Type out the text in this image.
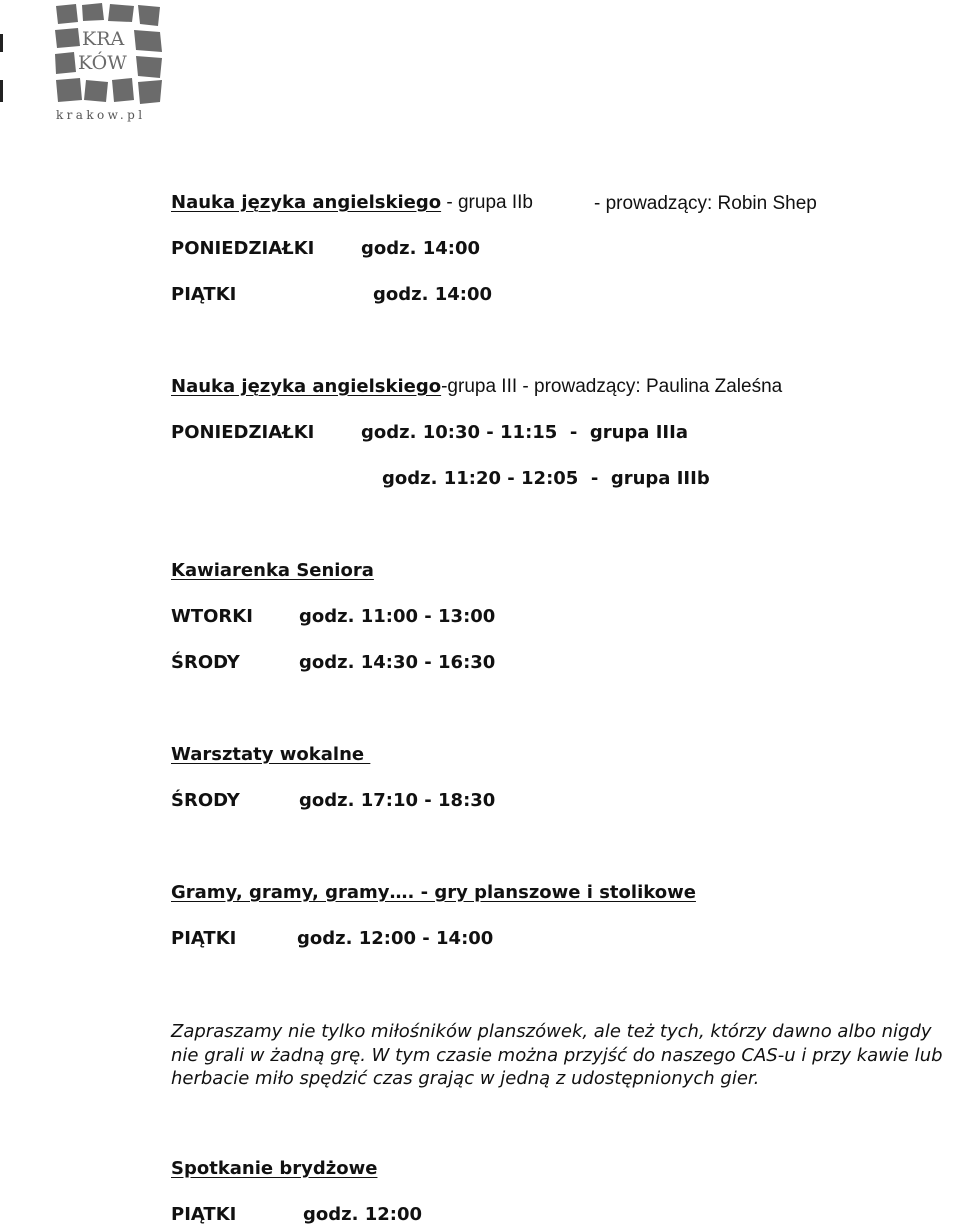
KRA
KÓW
krakow.pl
Nauka języka angielskiego - grupa IIb	- prowadzący: Robin Shep
PONIEDZIAŁKI	godz. 14:00
PIĄTKI	godz. 14:00
Nauka języka angielskiego-grupa III - prowadzący: Paulina Zaleśna
PONIEDZIAŁKI	godz. 10:30 - 11:15  -  grupa IIIa
godz. 11:20 - 12:05  -  grupa IIIb
Kawiarenka Seniora
WTORKI	godz. 11:00 - 13:00
ŚRODY	godz. 14:30 - 16:30
Warsztaty wokalne
ŚRODY	godz. 17:10 - 18:30
Gramy, gramy, gramy…. - gry planszowe i stolikowe
PIĄTKI	godz. 12:00 - 14:00
Zapraszamy nie tylko miłośników planszówek, ale też tych, którzy dawno albo nigdy nie grali w żadną grę. W tym czasie można przyjść do naszego CAS-u i przy kawie lub herbacie miło spędzić czas grając w jedną z udostępnionych gier.
Spotkanie brydżowe
PIĄTKI	godz. 12:00
